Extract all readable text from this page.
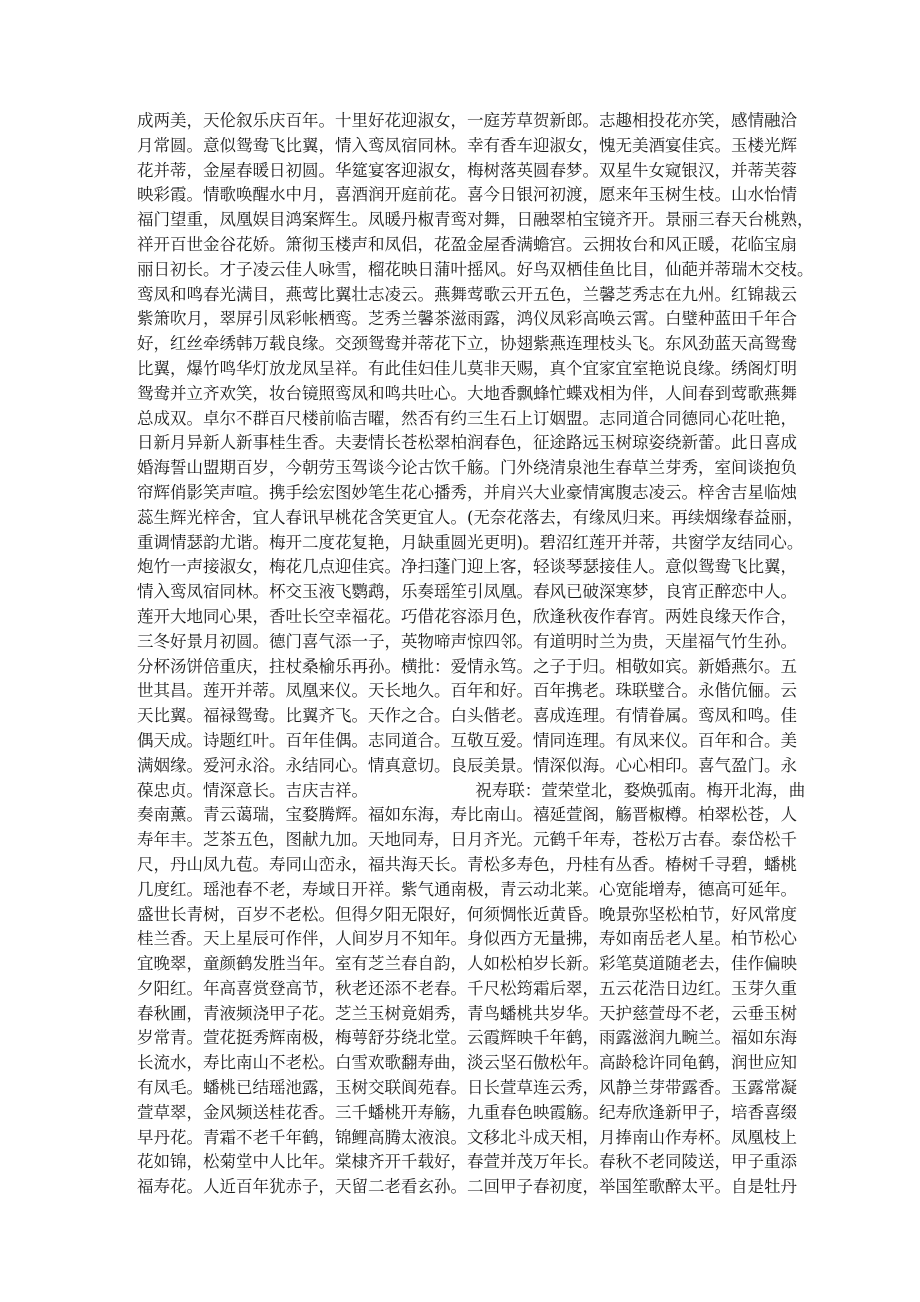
成两美，天伦叙乐庆百年。十里好花迎淑女，一庭芳草贺新郎。志趣相投花亦笑，感情融洽
月常圆。意似鸳鸯飞比翼，情入鸾凤宿同林。幸有香车迎淑女，愧无美酒宴佳宾。玉楼光辉
花并蒂，金屋春暖日初圆。华筵宴客迎淑女，梅树落英圆春梦。双星牛女窥银汉，并蒂芙蓉
映彩霞。情歌唤醒水中月，喜酒润开庭前花。喜今日银河初渡，愿来年玉树生枝。山水怡情
福门望重，凤凰娱目鸿案辉生。凤暖丹椒青鸾对舞，日融翠柏宝镜齐开。景丽三春天台桃熟，
祥开百世金谷花娇。箫彻玉楼声和凤侣，花盈金屋香满蟾宫。云拥妆台和风正暖，花临宝扇
丽日初长。才子凌云佳人咏雪，榴花映日蒲叶摇风。好鸟双栖佳鱼比目，仙葩并蒂瑞木交枝。
鸾凤和鸣春光满目，燕莺比翼壮志凌云。燕舞莺歌云开五色，兰馨芝秀志在九州。红锦裁云
紫箫吹月，翠屏引凤彩帐栖鸾。芝秀兰馨茶滋雨露，鸿仪凤彩高唤云霄。白璧种蓝田千年合
好，红丝牵绣韩万载良缘。交颈鸳鸯并蒂花下立，协翅紫燕连理枝头飞。东风劲蓝天高鸳鸯
比翼，爆竹鸣华灯放龙凤呈祥。有此佳妇佳儿莫非天赐，真个宜家宜室艳说良缘。绣阁灯明
鸳鸯并立齐欢笑，妆台镜照鸾凤和鸣共吐心。大地香飘蜂忙蝶戏相为伴，人间春到莺歌燕舞
总成双。卓尔不群百尺楼前临吉曜，然否有约三生石上订姻盟。志同道合同德同心花吐艳，
日新月异新人新事桂生香。夫妻情长苍松翠柏润春色，征途路远玉树琼姿绕新蕾。此日喜成
婚海誓山盟期百岁，今朝劳玉驾谈今论古饮千觞。门外绕清泉池生春草兰芽秀，室间谈抱负
帘辉俏影笑声喧。携手绘宏图妙笔生花心播秀，并肩兴大业豪情寓腹志凌云。梓舍吉星临烛
蕊生辉光梓舍，宜人春讯早桃花含笑更宜人。(无奈花落去，有缘凤归来。再续烟缘春益丽，
重调情瑟韵尤谐。梅开二度花复艳，月缺重圆光更明)。碧沼红莲开并蒂，共窗学友结同心。
炮竹一声接淑女，梅花几点迎佳宾。净扫蓬门迎上客，轻谈琴瑟接佳人。意似鸳鸯飞比翼，
情入鸾凤宿同林。杯交玉液飞鹦鹉，乐奏瑶笙引凤凰。春风已破深寒梦，良宵正醉恋中人。
莲开大地同心果，香吐长空幸福花。巧借花容添月色，欣逢秋夜作春宵。两姓良缘天作合，
三冬好景月初圆。德门喜气添一子，英物啼声惊四邻。有道明时兰为贵，天崖福气竹生孙。
分杯汤饼倍重庆，拄杖桑榆乐再孙。横批：爱情永笃。之子于归。相敬如宾。新婚燕尔。五
世其昌。莲开并蒂。凤凰来仪。天长地久。百年和好。百年携老。珠联璧合。永偕伉俪。云
天比翼。福禄鸳鸯。比翼齐飞。天作之合。白头偕老。喜成连理。有情眷属。鸾凤和鸣。佳
偶天成。诗题红叶。百年佳偶。志同道合。互敬互爱。情同连理。有凤来仪。百年和合。美
满姻缘。爱河永浴。永结同心。情真意切。良辰美景。情深似海。心心相印。喜气盈门。永
葆忠贞。情深意长。吉庆吉祥。　　　　　　　祝寿联：萱荣堂北，婺焕弧南。梅开北海，曲
奏南薰。青云蔼瑞，宝婺腾辉。福如东海，寿比南山。禧延萱阁，觞晋椒樽。柏翠松苍，人
寿年丰。芝茶五色，图献九加。天地同寿，日月齐光。元鹤千年寿，苍松万古春。泰岱松千
尺，丹山凤九苞。寿同山峦永，福共海天长。青松多寿色，丹桂有丛香。椿树千寻碧，蟠桃
几度红。瑶池春不老，寿域日开祥。紫气通南极，青云动北莱。心宽能增寿，德高可延年。
盛世长青树，百岁不老松。但得夕阳无限好，何须惆怅近黄昏。晚景弥坚松柏节，好风常度
桂兰香。天上星辰可作伴，人间岁月不知年。身似西方无量拂，寿如南岳老人星。柏节松心
宜晚翠，童颜鹤发胜当年。室有芝兰春自韵，人如松柏岁长新。彩笔莫道随老去，佳作偏映
夕阳红。年高喜赏登高节，秋老还添不老春。千尺松筠霜后翠，五云花浩日边红。玉芽久重
春秋圃，青液频浇甲子花。芝兰玉树竟娟秀，青鸟蟠桃共岁华。天护慈萱母不老，云垂玉树
岁常青。萱花挺秀辉南极，梅萼舒芬绕北堂。云霞辉映千年鹤，雨露滋润九畹兰。福如东海
长流水，寿比南山不老松。白雪欢歌翻寿曲，淡云坚石傲松年。高龄稔许同龟鹤，润世应知
有凤毛。蟠桃已结瑶池露，玉树交联阆苑春。日长萱草连云秀，风静兰芽带露香。玉露常凝
萱草翠，金风频送桂花香。三千蟠桃开寿觞，九重春色映霞觞。纪寿欣逢新甲子，培香喜缀
早丹花。青霜不老千年鹤，锦鲤高腾太液浪。文移北斗成天相，月捧南山作寿杯。凤凰枝上
花如锦，松菊堂中人比年。棠棣齐开千载好，春萱并茂万年长。春秋不老同陵送，甲子重添
福寿花。人近百年犹赤子，天留二老看玄孙。二回甲子春初度，举国笙歌醉太平。自是牡丹
